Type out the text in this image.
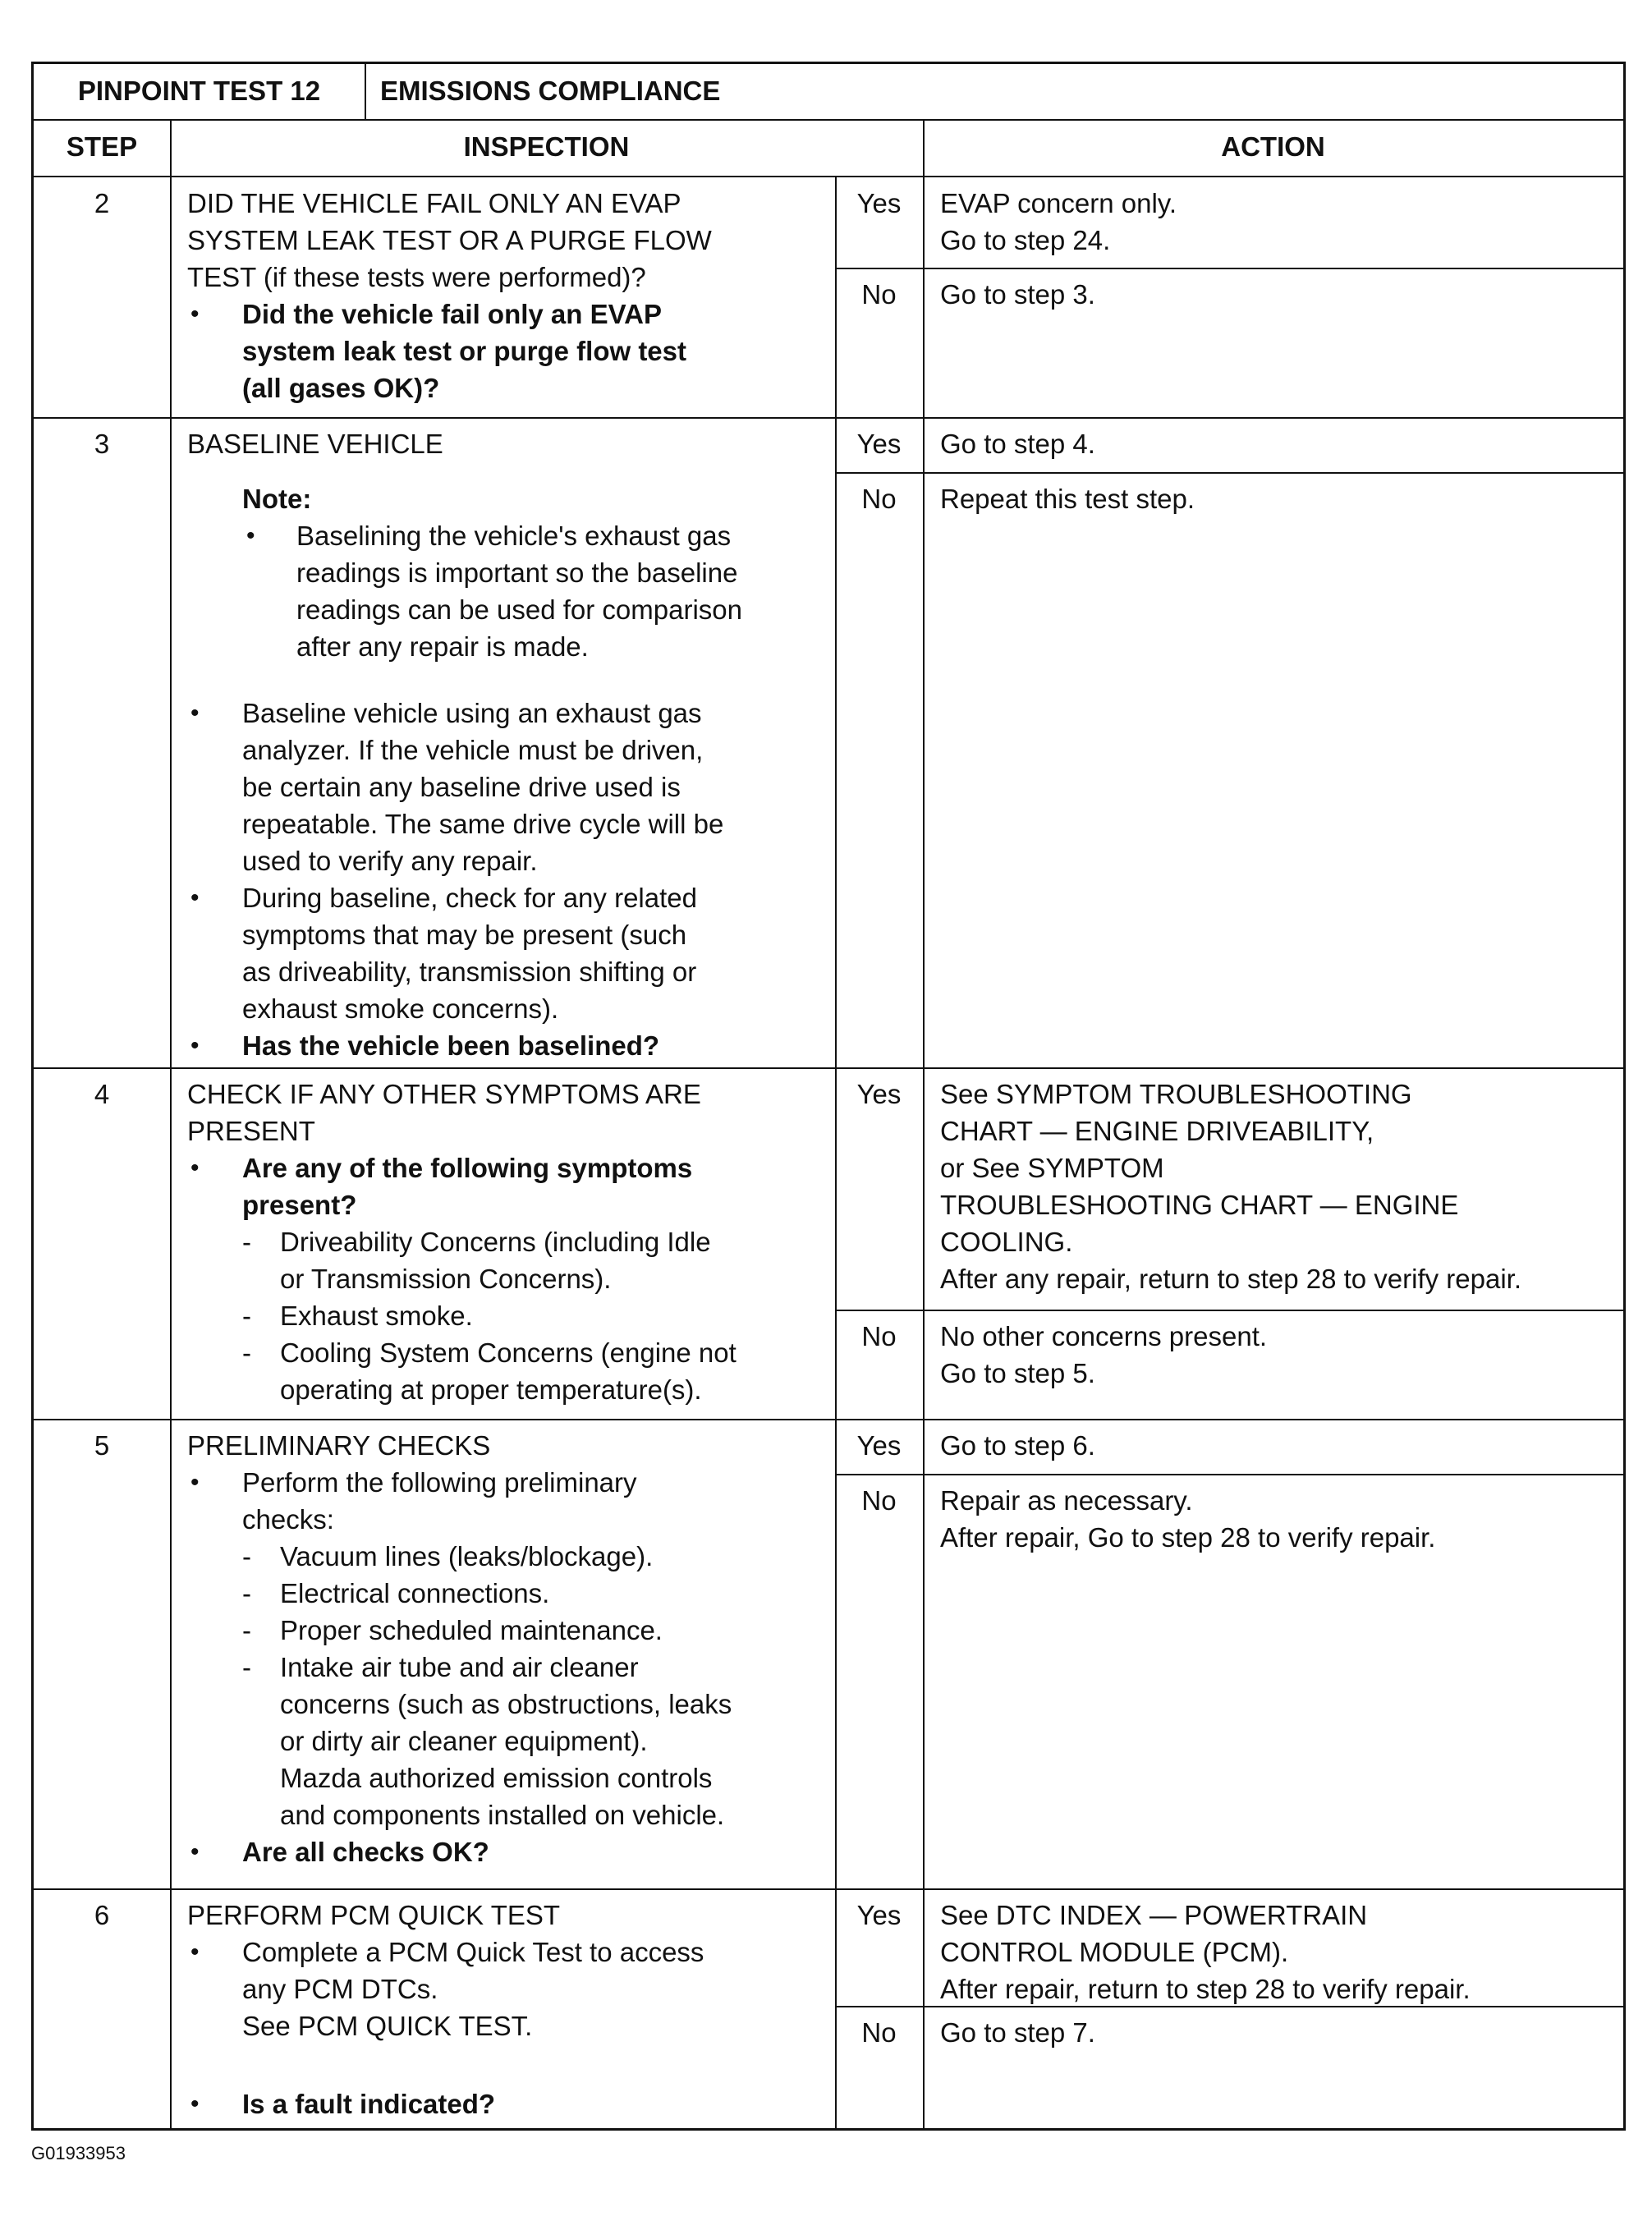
PINPOINT TEST 12	EMISSIONS COMPLIANCE
STEP	INSPECTION	ACTION
2	DID THE VEHICLE FAIL ONLY AN EVAP
SYSTEM LEAK TEST OR A PURGE FLOW
TEST (if these tests were performed)?
• Did the vehicle fail only an EVAP
system leak test or purge flow test
(all gases OK)?
Yes	EVAP concern only.
Go to step 24.
No	Go to step 3.
3	BASELINE VEHICLE
Note:
• Baselining the vehicle's exhaust gas
readings is important so the baseline
readings can be used for comparison
after any repair is made.
• Baseline vehicle using an exhaust gas
analyzer. If the vehicle must be driven,
be certain any baseline drive used is
repeatable. The same drive cycle will be
used to verify any repair.
• During baseline, check for any related
symptoms that may be present (such
as driveability, transmission shifting or
exhaust smoke concerns).
• Has the vehicle been baselined?
Yes	Go to step 4.
No	Repeat this test step.
4	CHECK IF ANY OTHER SYMPTOMS ARE
PRESENT
• Are any of the following symptoms
present?
- Driveability Concerns (including Idle
or Transmission Concerns).
- Exhaust smoke.
- Cooling System Concerns (engine not
operating at proper temperature(s).
Yes	See SYMPTOM TROUBLESHOOTING
CHART — ENGINE DRIVEABILITY,
or See SYMPTOM
TROUBLESHOOTING CHART — ENGINE
COOLING.
After any repair, return to step 28 to verify repair.
No	No other concerns present.
Go to step 5.
5	PRELIMINARY CHECKS
• Perform the following preliminary
checks:
- Vacuum lines (leaks/blockage).
- Electrical connections.
- Proper scheduled maintenance.
- Intake air tube and air cleaner
concerns (such as obstructions, leaks
or dirty air cleaner equipment).
Mazda authorized emission controls
and components installed on vehicle.
• Are all checks OK?
Yes	Go to step 6.
No	Repair as necessary.
After repair, Go to step 28 to verify repair.
6	PERFORM PCM QUICK TEST
• Complete a PCM Quick Test to access
any PCM DTCs.
See PCM QUICK TEST.
• Is a fault indicated?
Yes	See DTC INDEX — POWERTRAIN
CONTROL MODULE (PCM).
After repair, return to step 28 to verify repair.
No	Go to step 7.
G01933953
